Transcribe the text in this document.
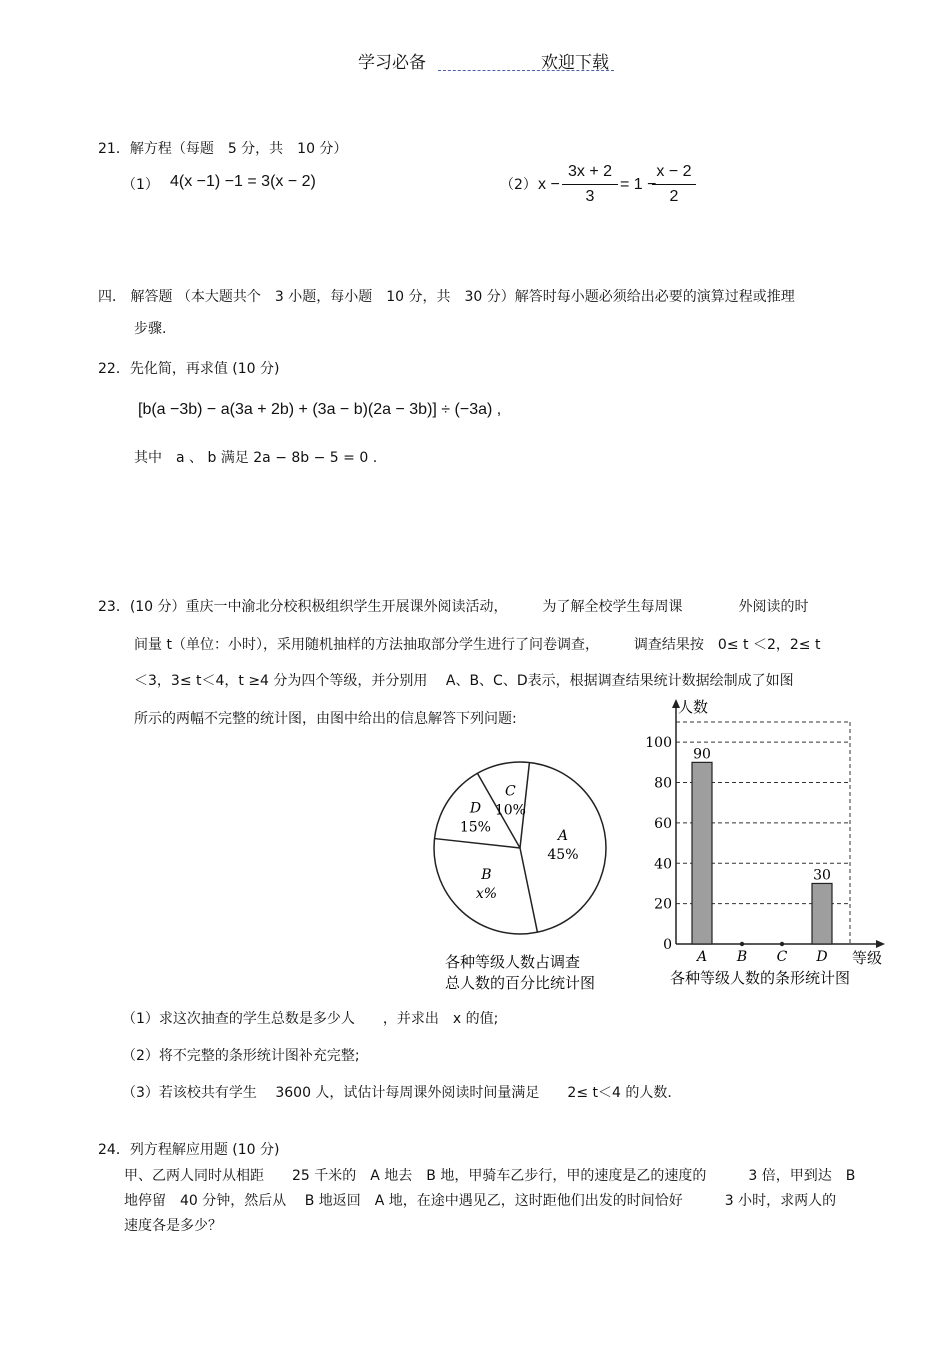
学习必备	欢迎下载
21．解方程（每题　5 分，共　10 分）
（1） 4(x −1) −1 = 3(x − 2)	（2） x −
3x + 2
3
= 1 −
x − 2
2
四． 解答题 （本大题共个　3 小题，每小题　10 分，共　30 分）解答时每小题必须给出必要的演算过程或推理
步骤.
22．先化简，再求值 (10 分)
[b(a −3b) − a(3a + 2b) + (3a − b)(2a − 3b)] ÷ (−3a) ,
其中　a 、 b 满足 2a − 8b − 5 = 0 .
23．(10 分）重庆一中渝北分校积极组织学生开展课外阅读活动，　　　为了解全校学生每周课　　　　外阅读的时
间量 t（单位：小时），采用随机抽样的方法抽取部分学生进行了问卷调查，　　　调查结果按　0≤ t ＜2，2≤ t
＜3，3≤ t＜4，t ≥4 分为四个等级，并分别用　 A、B、C、D表示，根据调查结果统计数据绘制成了如图
所示的两幅不完整的统计图，由图中给出的信息解答下列问题:
A
45%
B
x%
C
10%
D
15%
各种等级人数占调查
总人数的百分比统计图
0
20
40
60
80
100
90
30
A B C D
人数
等级
各种等级人数的条形统计图
（1）求这次抽查的学生总数是多少人　　，并求出　x 的值;
（2）将不完整的条形统计图补充完整;
（3）若该校共有学生　 3600 人，试估计每周课外阅读时间量满足　　2≤ t＜4 的人数.
24．列方程解应用题 (10 分)
甲、乙两人同时从相距　　25 千米的　A 地去　B 地，甲骑车乙步行，甲的速度是乙的速度的　　　3 倍，甲到达　B
地停留　40 分钟，然后从　 B 地返回　A 地，在途中遇见乙，这时距他们出发的时间恰好　　　3 小时，求两人的
速度各是多少？
